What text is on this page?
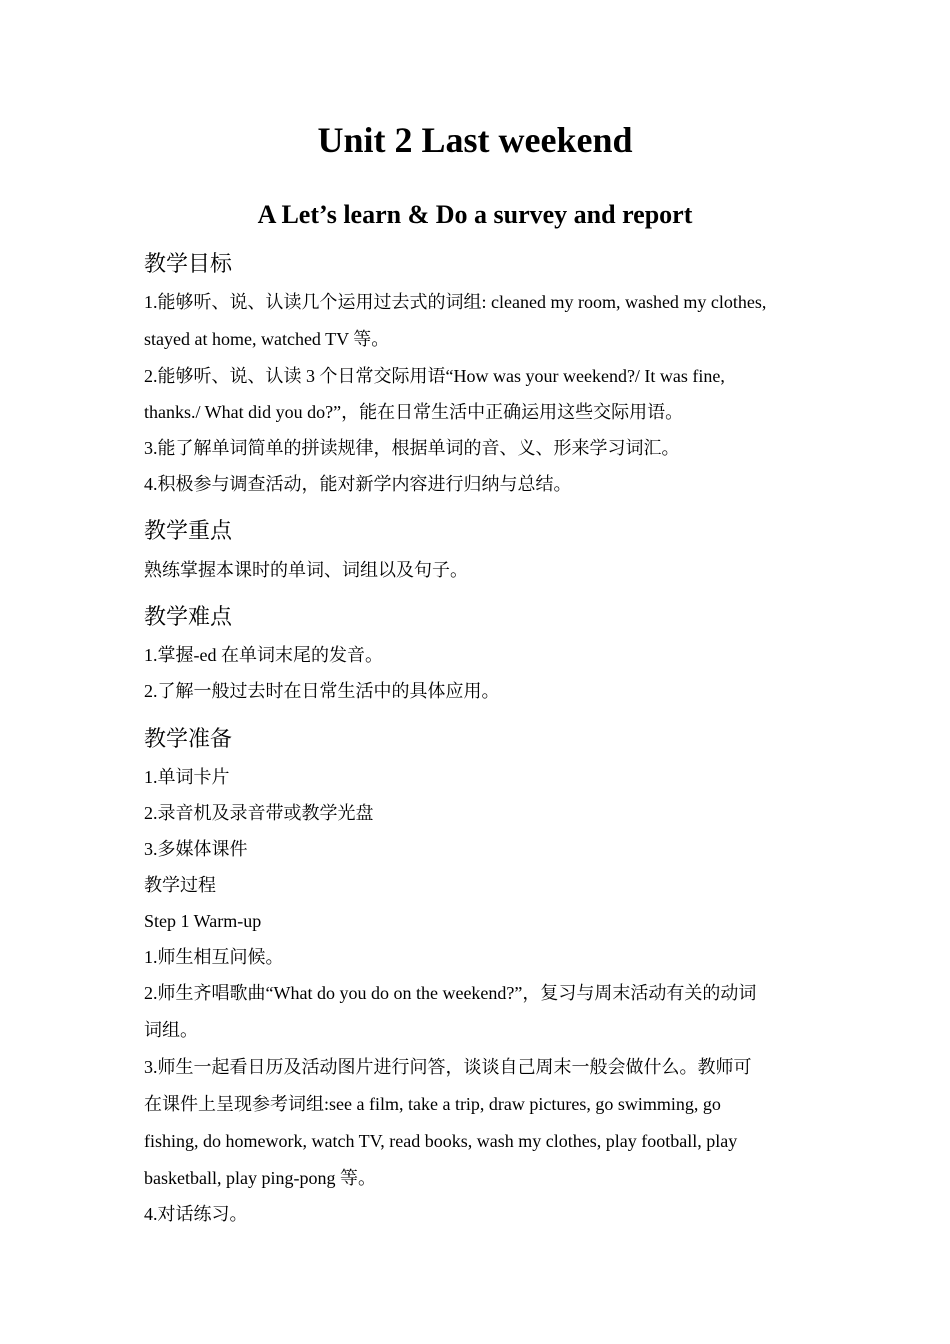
Unit 2 Last weekend
A Let’s learn & Do a survey and report
教学目标

1.能够听、说、认读几个运用过去式的词组: cleaned my room, washed my clothes,

stayed at home, watched TV 等。

2.能够听、说、认读 3 个日常交际用语“How was your weekend?/ It was fine,

thanks./ What did you do?”，能在日常生活中正确运用这些交际用语。

3.能了解单词简单的拼读规律，根据单词的音、义、形来学习词汇。

4.积极参与调查活动，能对新学内容进行归纳与总结。

教学重点

熟练掌握本课时的单词、词组以及句子。

教学难点

1.掌握-ed 在单词末尾的发音。

2.了解一般过去时在日常生活中的具体应用。

教学准备

1.单词卡片

2.录音机及录音带或教学光盘

3.多媒体课件

教学过程

Step 1 Warm-up

1.师生相互问候。

2.师生齐唱歌曲“What do you do on the weekend?”，复习与周末活动有关的动词

词组。

3.师生一起看日历及活动图片进行问答，谈谈自己周末一般会做什么。教师可

在课件上呈现参考词组:see a film, take a trip, draw pictures, go swimming, go

fishing, do homework, watch TV, read books, wash my clothes, play football, play

basketball, play ping-pong 等。

4.对话练习。
